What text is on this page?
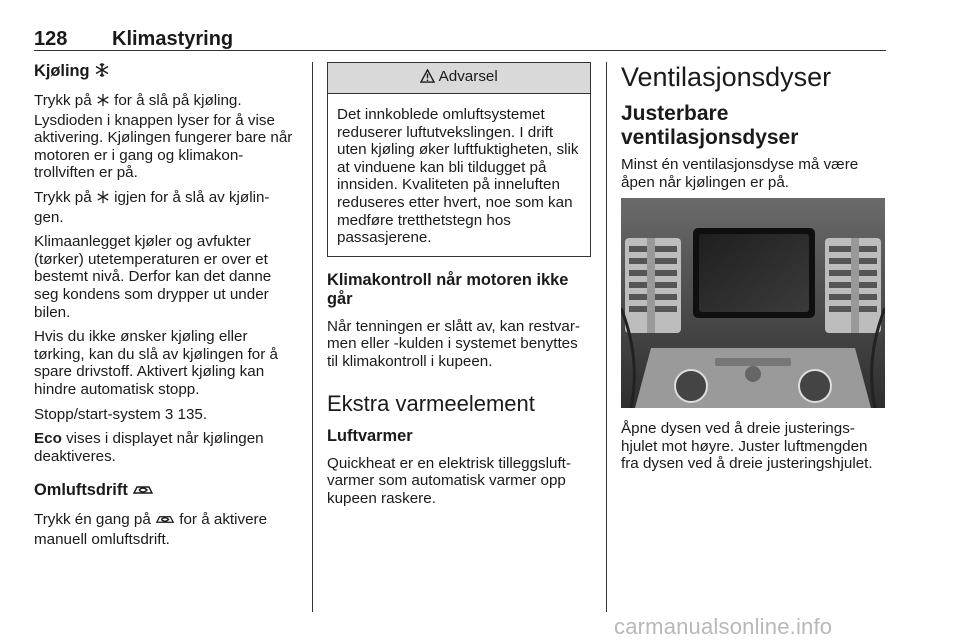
128 Klimastyring
Kjøling

Trykk på for å slå på kjøling. Lysdioden i knappen lyser for å vise aktivering. Kjølingen fungerer bare når motoren er i gang og klimakon-trollviften er på.

Trykk på igjen for å slå av kjølin-gen.

Klimaanlegget kjøler og avfukter (tørker) utetemperaturen er over et bestemt nivå. Derfor kan det danne seg kondens som drypper ut under bilen.

Hvis du ikke ønsker kjøling eller tørking, kan du slå av kjølingen for å spare drivstoff. Aktivert kjøling kan hindre automatisk stopp.

Stopp/start-system 3 135.

Eco vises i displayet når kjølingen deaktiveres.

Omluftsdrift

Trykk én gang på for å aktivere manuell omluftsdrift.

Advarsel

Det innkoblede omluftsystemet reduserer luftutvekslingen. I drift uten kjøling øker luftfuktigheten, slik at vinduene kan bli tildugget på innsiden. Kvaliteten på inneluften reduseres etter hvert, noe som kan medføre tretthetstegn hos passasjerene.

Klimakontroll når motoren ikke går

Når tenningen er slått av, kan restvar-men eller -kulden i systemet benyttes til klimakontroll i kupeen.

Ekstra varmeelement
Luftvarmer

Quickheat er en elektrisk tilleggsluft-varmer som automatisk varmer opp kupeen raskere.

Ventilasjonsdyser
Justerbare ventilasjonsdyser

Minst én ventilasjonsdyse må være åpen når kjølingen er på.

Åpne dysen ved å dreie justerings-hjulet mot høyre. Juster luftmengden fra dysen ved å dreie justeringshjulet.

carmanualsonline.info
